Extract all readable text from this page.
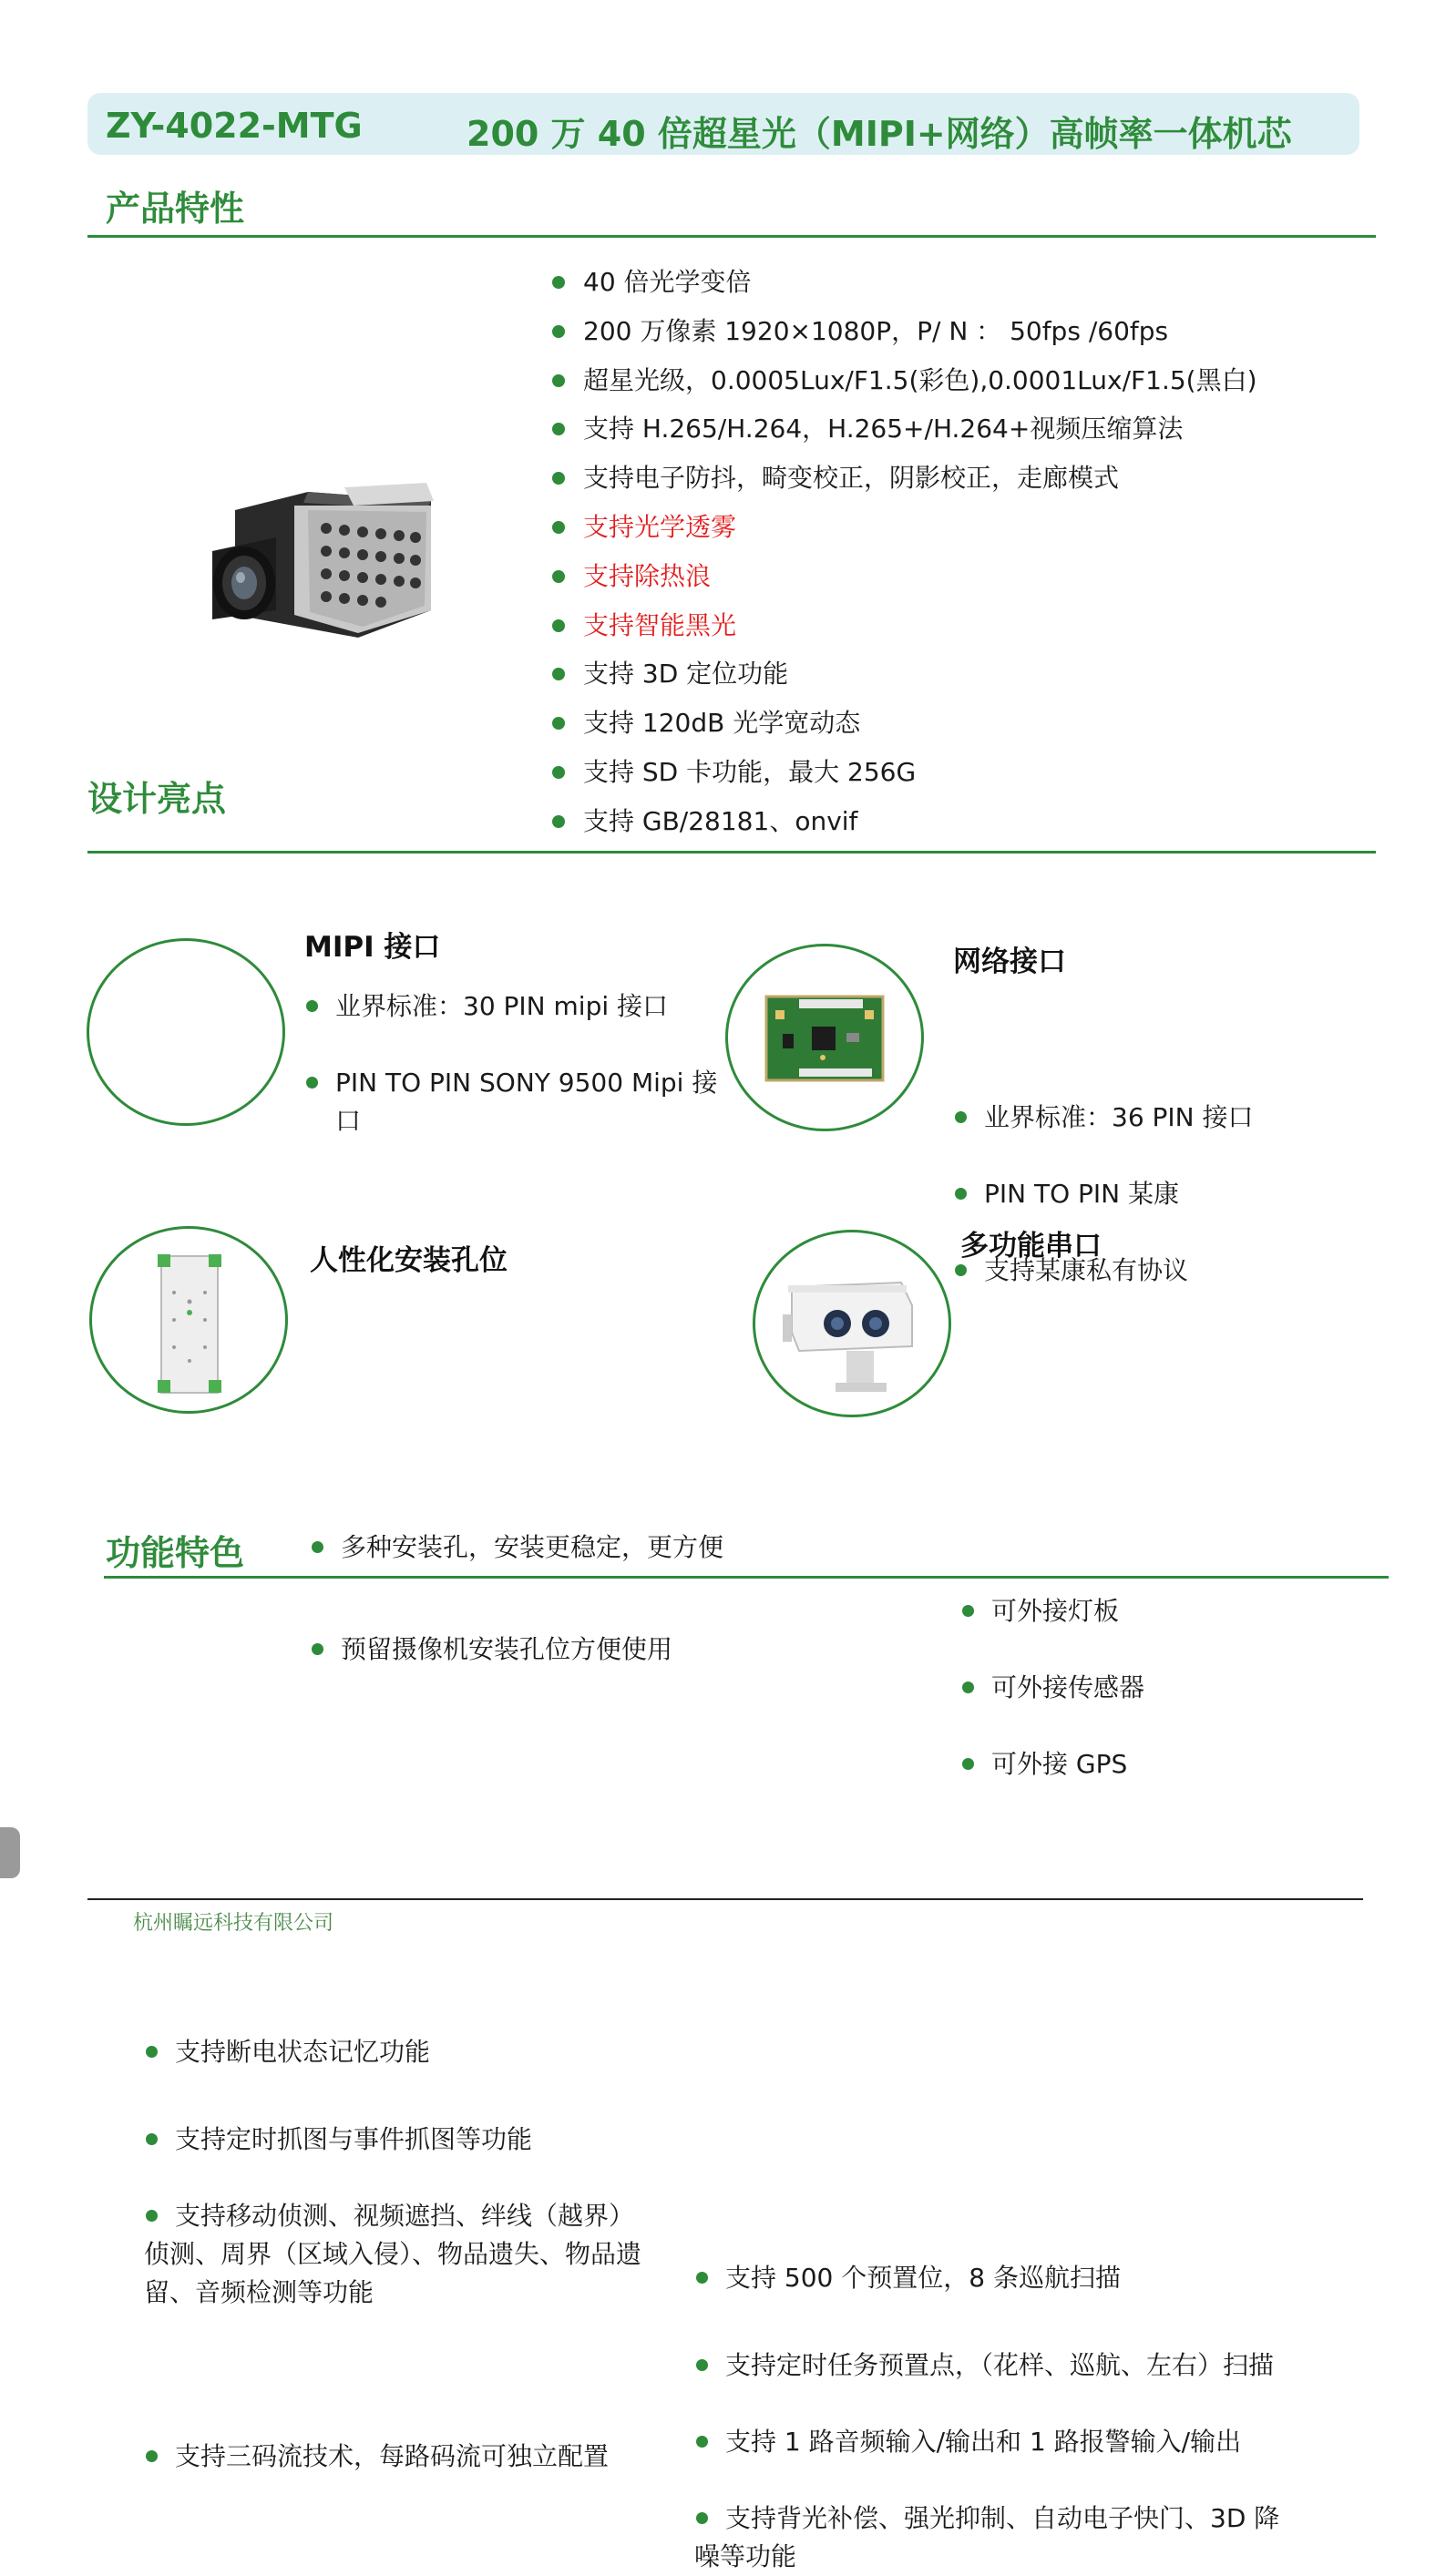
ZY-4022-MTG	200 万 40 倍超星光（MIPI+网络）高帧率一体机芯
产品特性
40 倍光学变倍
200 万像素 1920×1080P，P/ N ： 50fps /60fps
超星光级，0.0005Lux/F1.5(彩色),0.0001Lux/F1.5(黑白)
支持 H.265/H.264，H.265+/H.264+视频压缩算法
支持电子防抖，畸变校正，阴影校正，走廊模式
支持光学透雾
支持除热浪
支持智能黑光
支持 3D 定位功能
支持 120dB 光学宽动态
支持 SD 卡功能，最大 256G
支持 GB/28181、onvif
设计亮点
MIPI 接口
业界标准：30 PIN mipi 接口
PIN TO PIN SONY 9500 Mipi 接口
网络接口
业界标准：36 PIN 接口
PIN TO PIN 某康
支持某康私有协议
人性化安装孔位
多种安装孔，安装更稳定，更方便
预留摄像机安装孔位方便使用
多功能串口
可外接灯板
可外接传感器
可外接 GPS
功能特色
支持断电状态记忆功能
支持定时抓图与事件抓图等功能
支持移动侦测、视频遮挡、绊线（越界）
侦测、周界（区域入侵）、物品遗失、物品遗
留、音频检测等功能
支持三码流技术，每路码流可独立配置
支持 500 个预置位，8 条巡航扫描
支持定时任务预置点，（花样、巡航、左右）扫描
支持 1 路音频输入/输出和 1 路报警输入/输出
支持背光补偿、强光抑制、自动电子快门、3D 降
噪等功能
杭州瞩远科技有限公司
